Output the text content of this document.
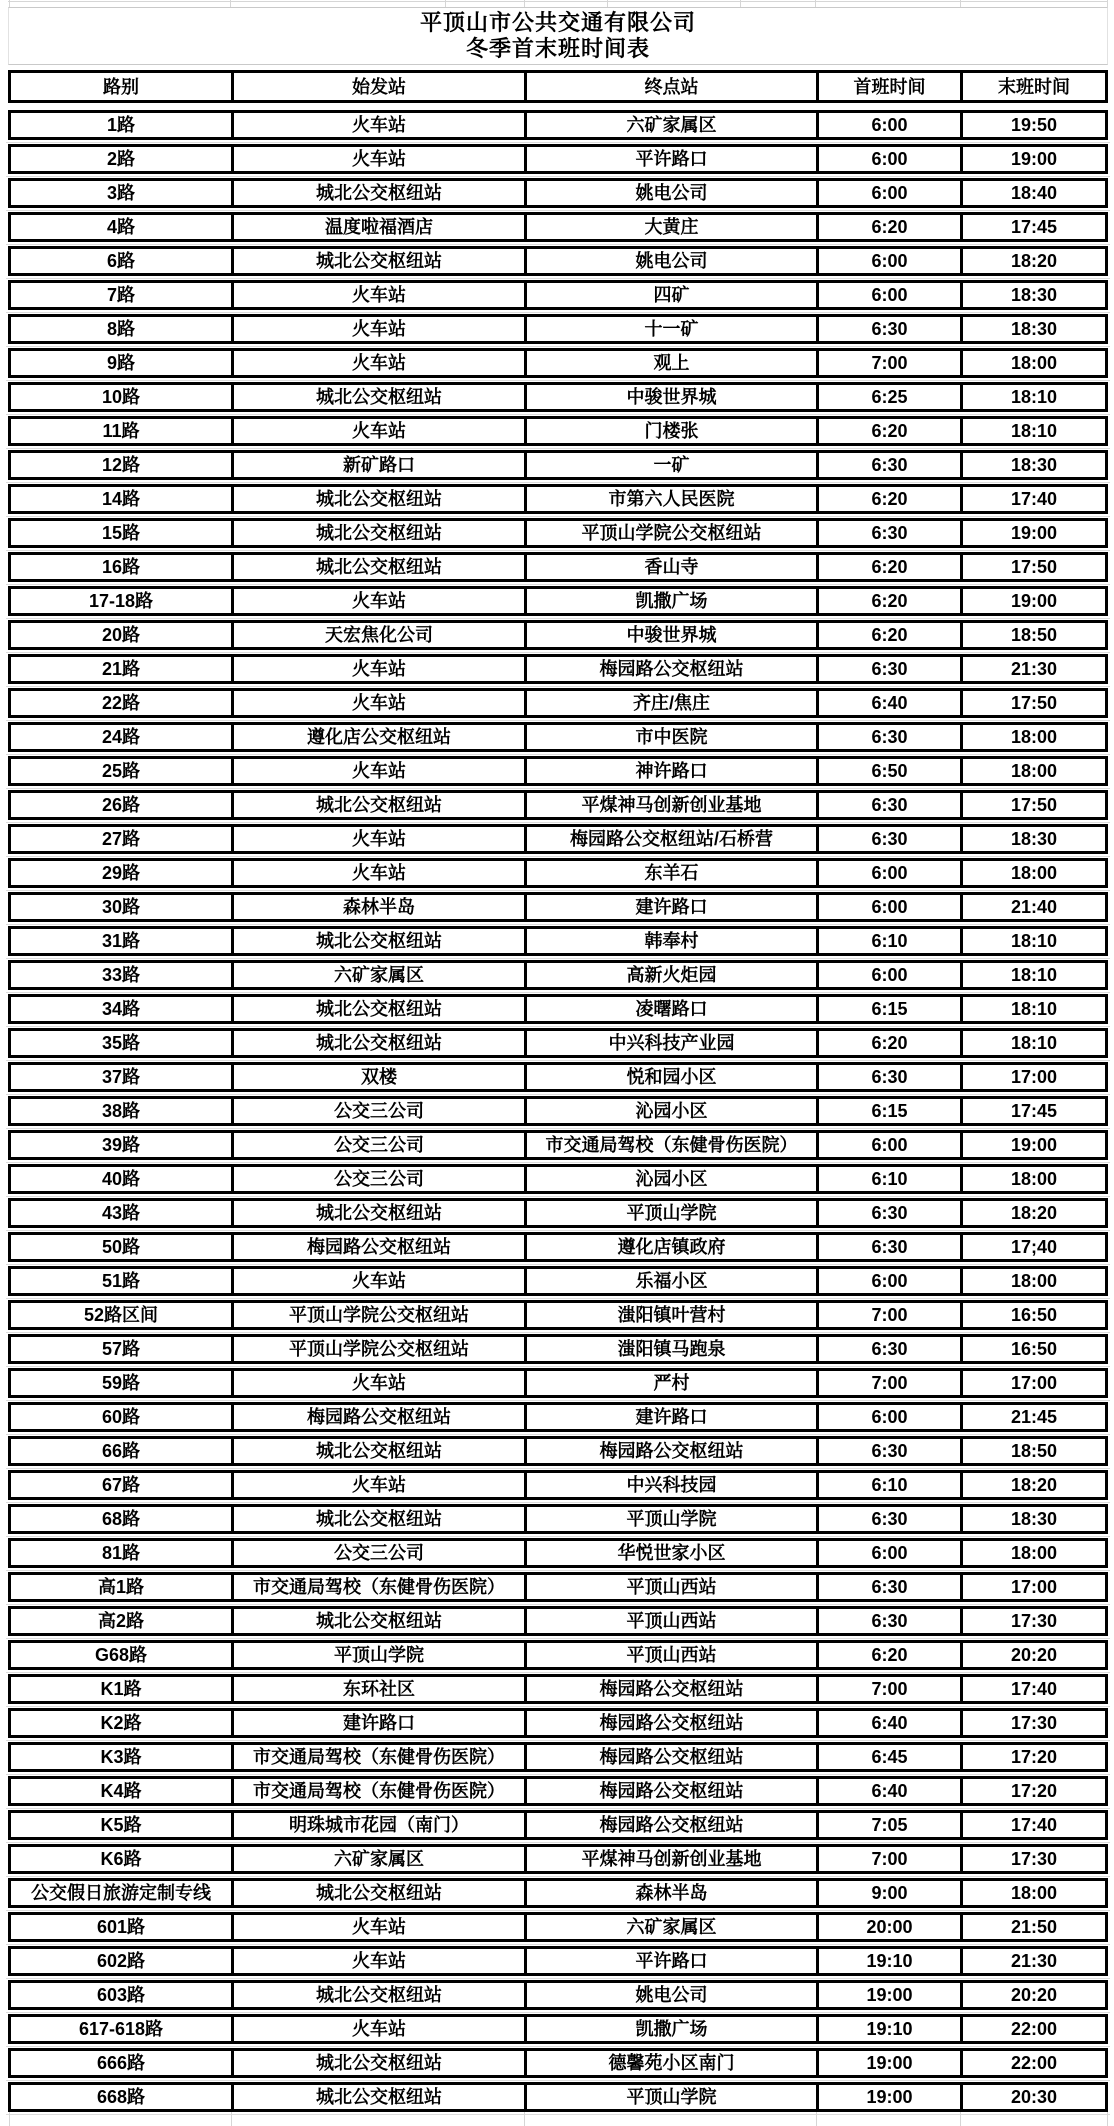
平顶山市公共交通有限公司
冬季首末班时间表
路别	始发站	终点站	首班时间	末班时间
1路	火车站	六矿家属区	6:00	19:50
2路	火车站	平许路口	6:00	19:00
3路	城北公交枢纽站	姚电公司	6:00	18:40
4路	温度啦福酒店	大黄庄	6:20	17:45
6路	城北公交枢纽站	姚电公司	6:00	18:20
7路	火车站	四矿	6:00	18:30
8路	火车站	十一矿	6:30	18:30
9路	火车站	观上	7:00	18:00
10路	城北公交枢纽站	中骏世界城	6:25	18:10
11路	火车站	门楼张	6:20	18:10
12路	新矿路口	一矿	6:30	18:30
14路	城北公交枢纽站	市第六人民医院	6:20	17:40
15路	城北公交枢纽站	平顶山学院公交枢纽站	6:30	19:00
16路	城北公交枢纽站	香山寺	6:20	17:50
17-18路	火车站	凯撒广场	6:20	19:00
20路	天宏焦化公司	中骏世界城	6:20	18:50
21路	火车站	梅园路公交枢纽站	6:30	21:30
22路	火车站	齐庄/焦庄	6:40	17:50
24路	遵化店公交枢纽站	市中医院	6:30	18:00
25路	火车站	神许路口	6:50	18:00
26路	城北公交枢纽站	平煤神马创新创业基地	6:30	17:50
27路	火车站	梅园路公交枢纽站/石桥营	6:30	18:30
29路	火车站	东羊石	6:00	18:00
30路	森林半岛	建许路口	6:00	21:40
31路	城北公交枢纽站	韩奉村	6:10	18:10
33路	六矿家属区	高新火炬园	6:00	18:10
34路	城北公交枢纽站	凌曙路口	6:15	18:10
35路	城北公交枢纽站	中兴科技产业园	6:20	18:10
37路	双楼	悦和园小区	6:30	17:00
38路	公交三公司	沁园小区	6:15	17:45
39路	公交三公司	市交通局驾校（东健骨伤医院）	6:00	19:00
40路	公交三公司	沁园小区	6:10	18:00
43路	城北公交枢纽站	平顶山学院	6:30	18:20
50路	梅园路公交枢纽站	遵化店镇政府	6:30	17;40
51路	火车站	乐福小区	6:00	18:00
52路区间	平顶山学院公交枢纽站	滍阳镇叶营村	7:00	16:50
57路	平顶山学院公交枢纽站	滍阳镇马跑泉	6:30	16:50
59路	火车站	严村	7:00	17:00
60路	梅园路公交枢纽站	建许路口	6:00	21:45
66路	城北公交枢纽站	梅园路公交枢纽站	6:30	18:50
67路	火车站	中兴科技园	6:10	18:20
68路	城北公交枢纽站	平顶山学院	6:30	18:30
81路	公交三公司	华悦世家小区	6:00	18:00
高1路	市交通局驾校（东健骨伤医院）	平顶山西站	6:30	17:00
高2路	城北公交枢纽站	平顶山西站	6:30	17:30
G68路	平顶山学院	平顶山西站	6:20	20:20
K1路	东环社区	梅园路公交枢纽站	7:00	17:40
K2路	建许路口	梅园路公交枢纽站	6:40	17:30
K3路	市交通局驾校（东健骨伤医院）	梅园路公交枢纽站	6:45	17:20
K4路	市交通局驾校（东健骨伤医院）	梅园路公交枢纽站	6:40	17:20
K5路	明珠城市花园（南门）	梅园路公交枢纽站	7:05	17:40
K6路	六矿家属区	平煤神马创新创业基地	7:00	17:30
公交假日旅游定制专线	城北公交枢纽站	森林半岛	9:00	18:00
601路	火车站	六矿家属区	20:00	21:50
602路	火车站	平许路口	19:10	21:30
603路	城北公交枢纽站	姚电公司	19:00	20:20
617-618路	火车站	凯撒广场	19:10	22:00
666路	城北公交枢纽站	德馨苑小区南门	19:00	22:00
668路	城北公交枢纽站	平顶山学院	19:00	20:30
